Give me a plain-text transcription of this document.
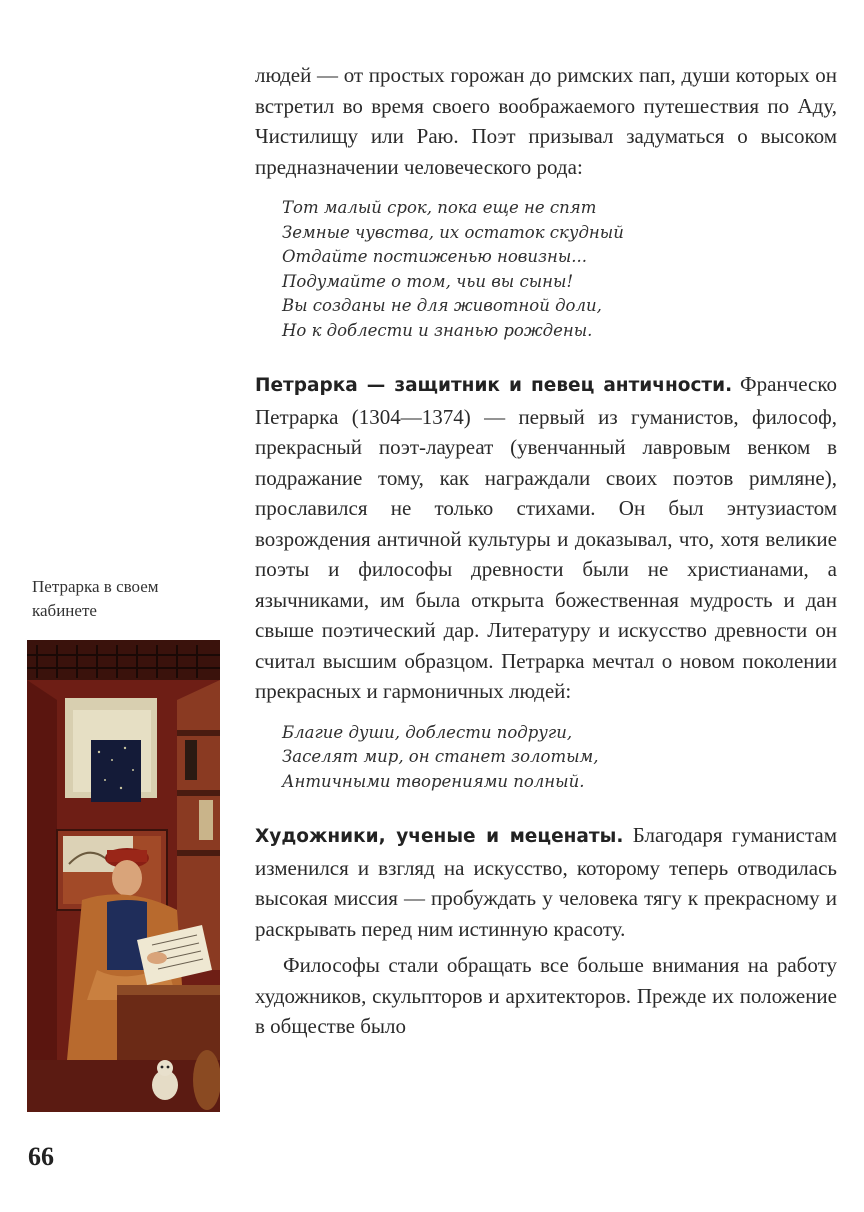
Петрарка в своем кабинете
66

людей — от простых горожан до римских пап, души которых он встретил во время своего воображаемого путешествия по Аду, Чистилищу или Раю. Поэт призывал задуматься о высоком предназначении человеческого рода:

Тот малый срок, пока еще не спят
Земные чувства, их остаток скудный
Отдайте постиженью новизны...
Подумайте о том, чьи вы сыны!
Вы созданы не для животной доли,
Но к доблести и знанью рождены.

Петрарка — защитник и певец античности. Франческо Петрарка (1304—1374) — первый из гуманистов, философ, прекрасный поэт-лауреат (увенчанный лавровым венком в подражание тому, как награждали своих поэтов римляне), прославился не только стихами. Он был энтузиастом возрождения античной культуры и доказывал, что, хотя великие поэты и философы древности были не христианами, а язычниками, им была открыта божественная мудрость и дан свыше поэтический дар. Литературу и искусство древности он считал высшим образцом. Петрарка мечтал о новом поколении прекрасных и гармоничных людей:

Благие души, доблести подруги,
Заселят мир, он станет золотым,
Античными творениями полный.

Художники, ученые и меценаты. Благодаря гуманистам изменился и взгляд на искусство, которому теперь отводилась высокая миссия — пробуждать у человека тягу к прекрасному и раскрывать перед ним истинную красоту.

Философы стали обращать все больше внимания на работу художников, скульпторов и архитекторов. Прежде их положение в обществе было
